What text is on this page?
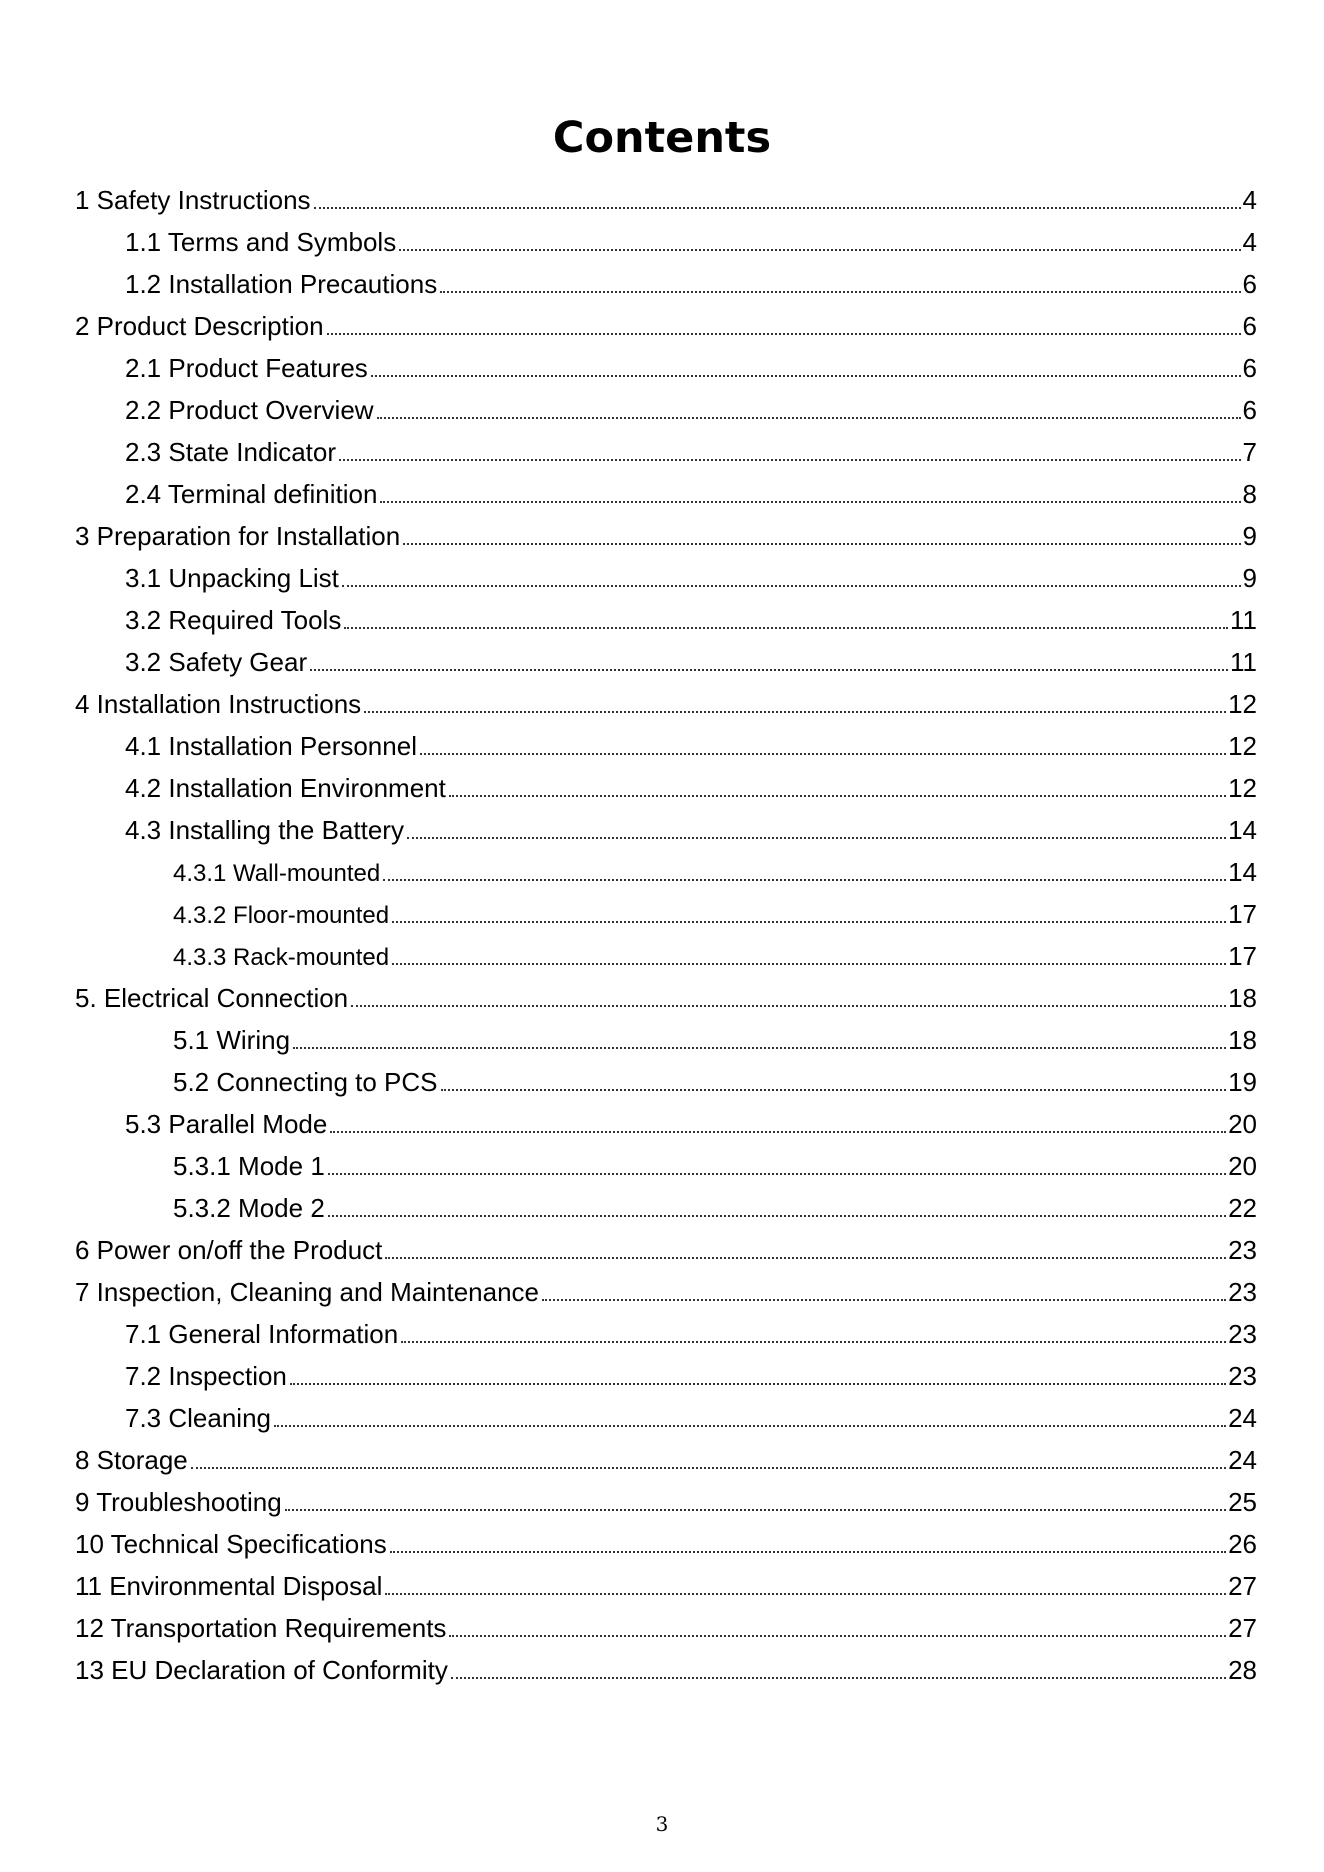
Contents
1 Safety Instructions	4
1.1 Terms and Symbols	4
1.2 Installation Precautions	6
2 Product Description	6
2.1 Product Features	6
2.2 Product Overview	6
2.3 State Indicator	7
2.4 Terminal definition	8
3 Preparation for Installation	9
3.1 Unpacking List	9
3.2 Required Tools	11
3.2 Safety Gear	11
4 Installation Instructions	12
4.1 Installation Personnel	12
4.2 Installation Environment	12
4.3 Installing the Battery	14
4.3.1 Wall-mounted	14
4.3.2 Floor-mounted	17
4.3.3 Rack-mounted	17
5. Electrical Connection	18
5.1 Wiring	18
5.2 Connecting to PCS	19
5.3 Parallel Mode	20
5.3.1 Mode 1	20
5.3.2 Mode 2	22
6 Power on/off the Product	23
7 Inspection, Cleaning and Maintenance	23
7.1 General Information	23
7.2 Inspection	23
7.3 Cleaning	24
8 Storage	24
9 Troubleshooting	25
10 Technical Specifications	26
11 Environmental Disposal	27
12 Transportation Requirements	27
13 EU Declaration of Conformity	28
3
